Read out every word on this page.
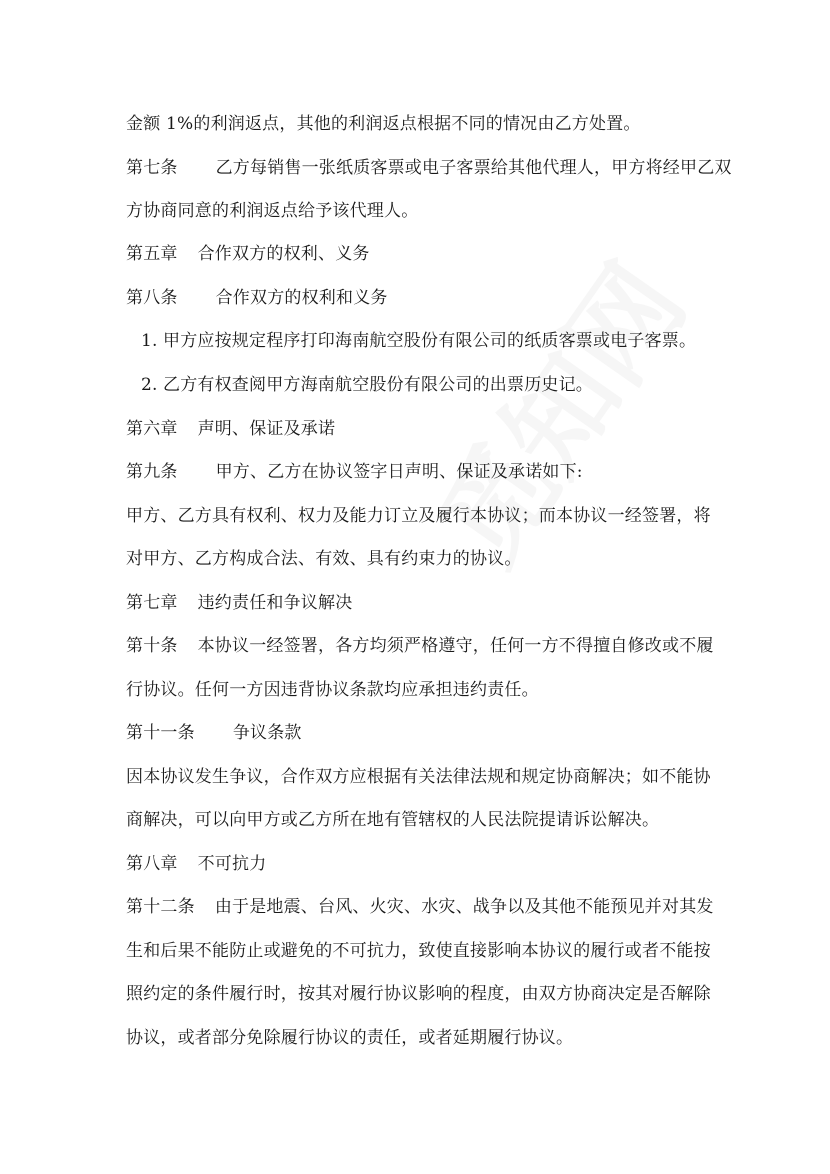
金额 1%的利润返点，其他的利润返点根据不同的情况由乙方处置。
第七条 乙方每销售一张纸质客票或电子客票给其他代理人，甲方将经甲乙双
方协商同意的利润返点给予该代理人。
第五章 合作双方的权利、义务
第八条 合作双方的权利和义务
1. 甲方应按规定程序打印海南航空股份有限公司的纸质客票或电子客票。
2. 乙方有权查阅甲方海南航空股份有限公司的出票历史记。
第六章 声明、保证及承诺
第九条 甲方、乙方在协议签字日声明、保证及承诺如下:
甲方、乙方具有权利、权力及能力订立及履行本协议；而本协议一经签署，将
对甲方、乙方构成合法、有效、具有约束力的协议。
第七章 违约责任和争议解决
第十条 本协议一经签署，各方均须严格遵守，任何一方不得擅自修改或不履
行协议。任何一方因违背协议条款均应承担违约责任。
第十一条 争议条款
因本协议发生争议，合作双方应根据有关法律法规和规定协商解决；如不能协
商解决，可以向甲方或乙方所在地有管辖权的人民法院提请诉讼解决。
第八章 不可抗力
第十二条 由于是地震、台风、火灾、水灾、战争以及其他不能预见并对其发
生和后果不能防止或避免的不可抗力，致使直接影响本协议的履行或者不能按
照约定的条件履行时，按其对履行协议影响的程度，由双方协商决定是否解除
协议，或者部分免除履行协议的责任，或者延期履行协议。
